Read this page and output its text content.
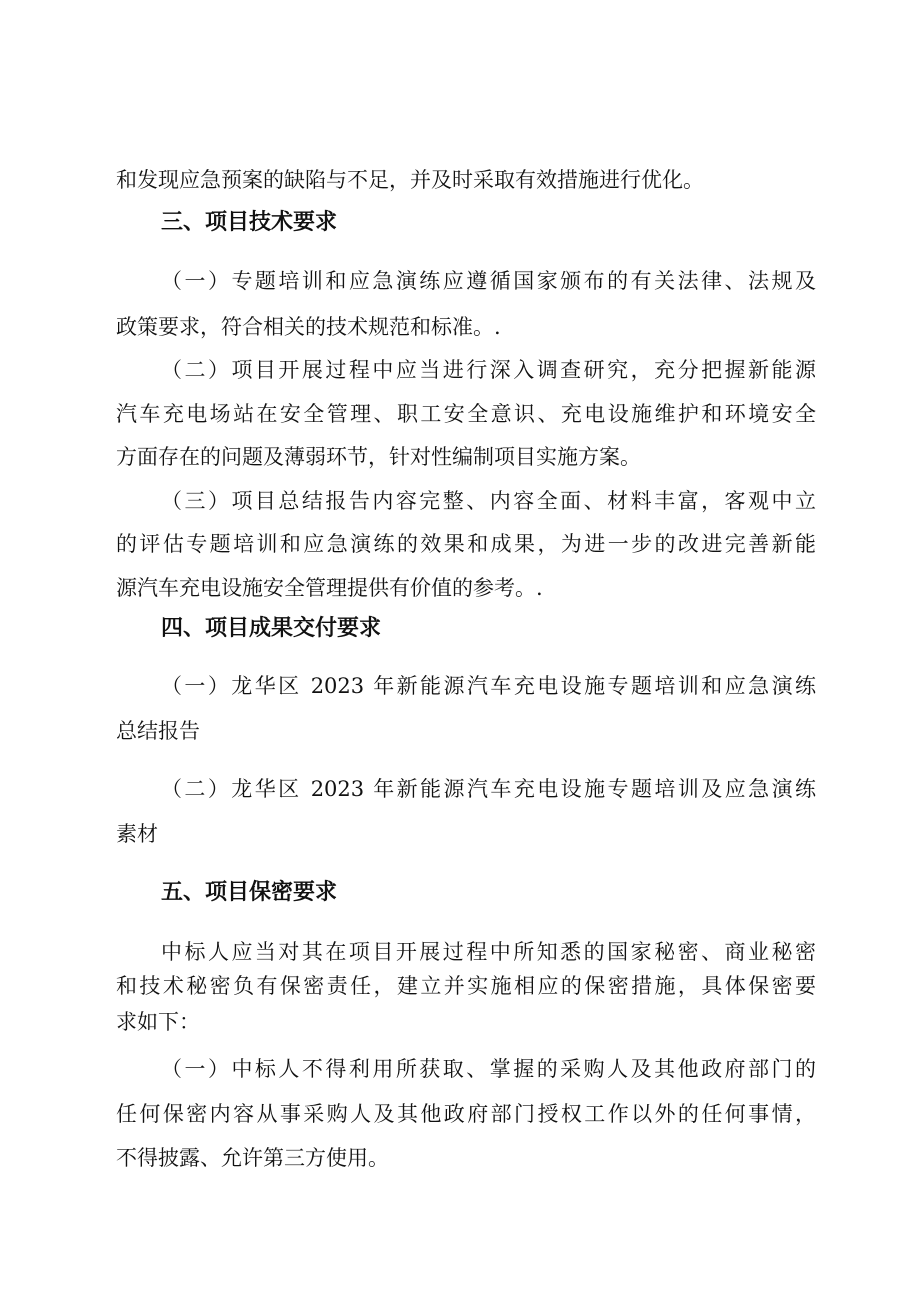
和发现应急预案的缺陷与不足，并及时采取有效措施进行优化。
三、项目技术要求
（一）专题培训和应急演练应遵循国家颁布的有关法律、法规及
政策要求，符合相关的技术规范和标准。.
（二）项目开展过程中应当进行深入调查研究，充分把握新能源
汽车充电场站在安全管理、职工安全意识、充电设施维护和环境安全
方面存在的问题及薄弱环节，针对性编制项目实施方案。
（三）项目总结报告内容完整、内容全面、材料丰富，客观中立
的评估专题培训和应急演练的效果和成果，为进一步的改进完善新能
源汽车充电设施安全管理提供有价值的参考。.
四、项目成果交付要求
（一）龙华区 2023 年新能源汽车充电设施专题培训和应急演练
总结报告
（二）龙华区 2023 年新能源汽车充电设施专题培训及应急演练
素材
五、项目保密要求
中标人应当对其在项目开展过程中所知悉的国家秘密、商业秘密
和技术秘密负有保密责任，建立并实施相应的保密措施，具体保密要
求如下：
（一）中标人不得利用所获取、掌握的采购人及其他政府部门的
任何保密内容从事采购人及其他政府部门授权工作以外的任何事情，
不得披露、允许第三方使用。
